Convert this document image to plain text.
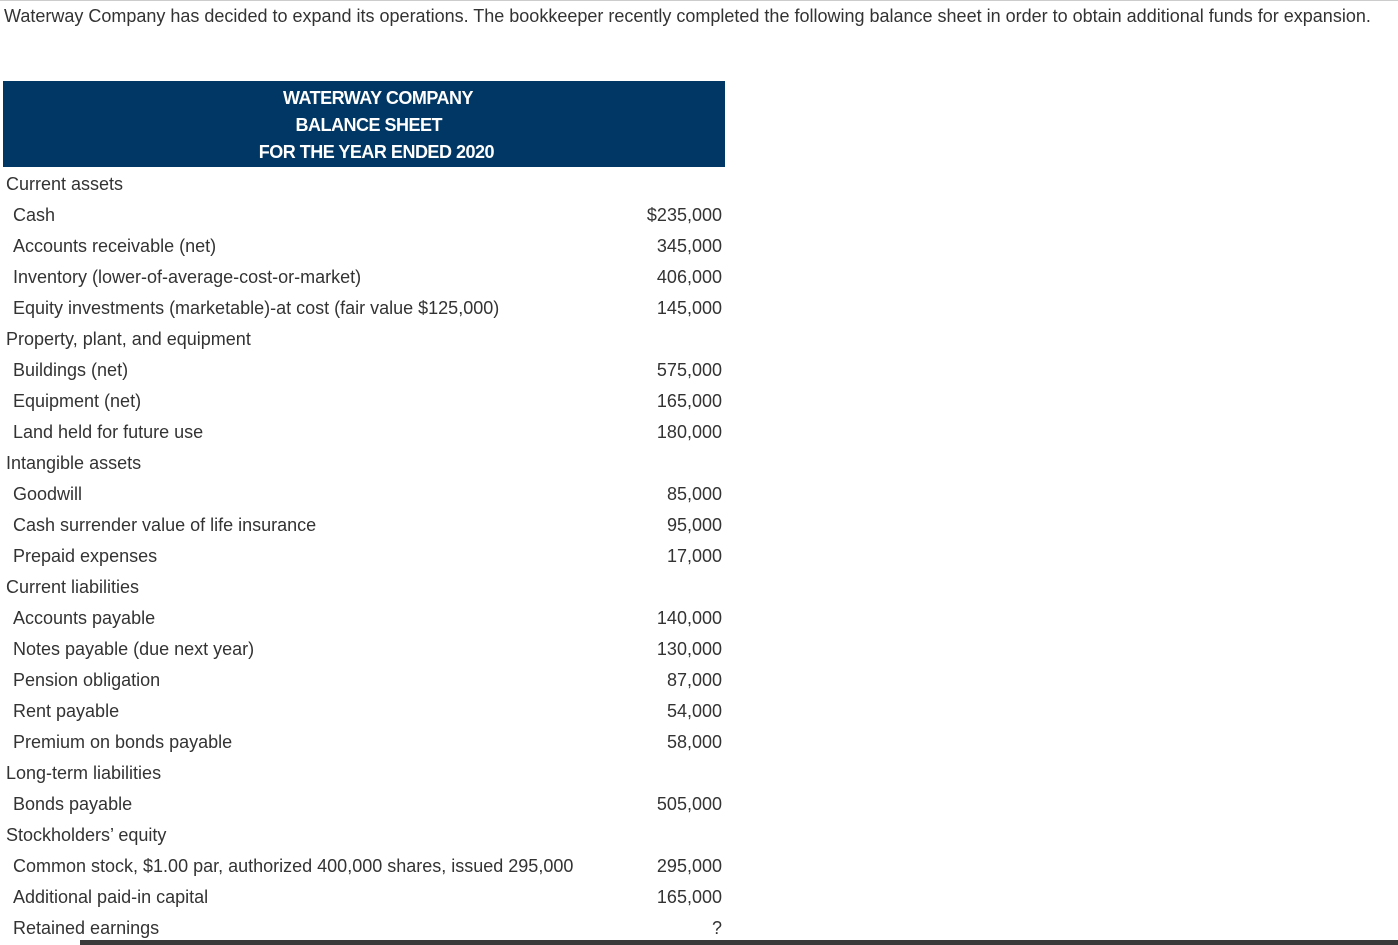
Waterway Company has decided to expand its operations. The bookkeeper recently completed the following balance sheet in order to obtain additional funds for expansion.

WATERWAY COMPANY
BALANCE SHEET
FOR THE YEAR ENDED 2020
Current assets
Cash	$235,000
Accounts receivable (net)	345,000
Inventory (lower-of-average-cost-or-market)	406,000
Equity investments (marketable)-at cost (fair value $125,000)	145,000
Property, plant, and equipment
Buildings (net)	575,000
Equipment (net)	165,000
Land held for future use	180,000
Intangible assets
Goodwill	85,000
Cash surrender value of life insurance	95,000
Prepaid expenses	17,000
Current liabilities
Accounts payable	140,000
Notes payable (due next year)	130,000
Pension obligation	87,000
Rent payable	54,000
Premium on bonds payable	58,000
Long-term liabilities
Bonds payable	505,000
Stockholders’ equity
Common stock, $1.00 par, authorized 400,000 shares, issued 295,000	295,000
Additional paid-in capital	165,000
Retained earnings	?
